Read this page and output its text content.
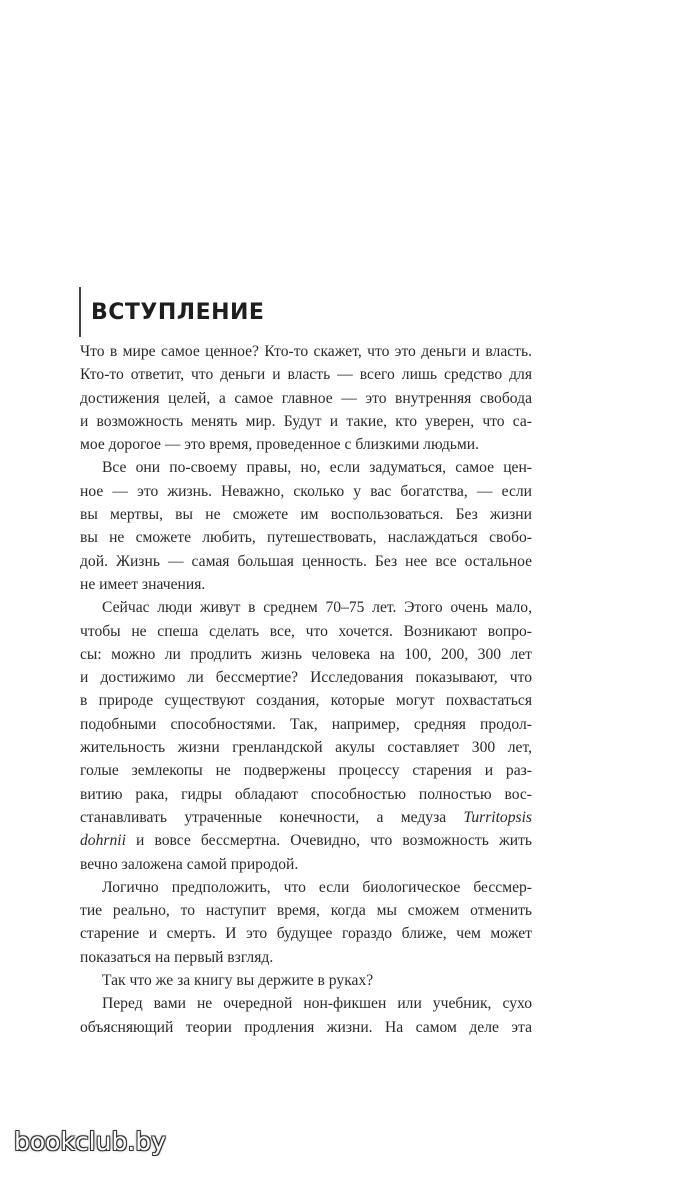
ВСТУПЛЕНИЕ
Что в мире самое ценное? Кто-то скажет, что это деньги и власть.
Кто-то ответит, что деньги и власть — всего лишь средство для
достижения целей, а самое главное — это внутренняя свобода
и возможность менять мир. Будут и такие, кто уверен, что са-
мое дорогое — это время, проведенное с близкими людьми.
Все они по-своему правы, но, если задуматься, самое цен-
ное — это жизнь. Неважно, сколько у вас богатства, — если
вы мертвы, вы не сможете им воспользоваться. Без жизни
вы не сможете любить, путешествовать, наслаждаться свобо-
дой. Жизнь — самая большая ценность. Без нее все остальное
не имеет значения.
Сейчас люди живут в среднем 70–75 лет. Этого очень мало,
чтобы не спеша сделать все, что хочется. Возникают вопро-
сы: можно ли продлить жизнь человека на 100, 200, 300 лет
и достижимо ли бессмертие? Исследования показывают, что
в природе существуют создания, которые могут похвастаться
подобными способностями. Так, например, средняя продол-
жительность жизни гренландской акулы составляет 300 лет,
голые землекопы не подвержены процессу старения и раз-
витию рака, гидры обладают способностью полностью вос-
станавливать утраченные конечности, а медуза Turritopsis
dohrnii и вовсе бессмертна. Очевидно, что возможность жить
вечно заложена самой природой.
Логично предположить, что если биологическое бессмер-
тие реально, то наступит время, когда мы сможем отменить
старение и смерть. И это будущее гораздо ближе, чем может
показаться на первый взгляд.
Так что же за книгу вы держите в руках?
Перед вами не очередной нон-фикшен или учебник, сухо
объясняющий теории продления жизни. На самом деле эта
bookclub.by
